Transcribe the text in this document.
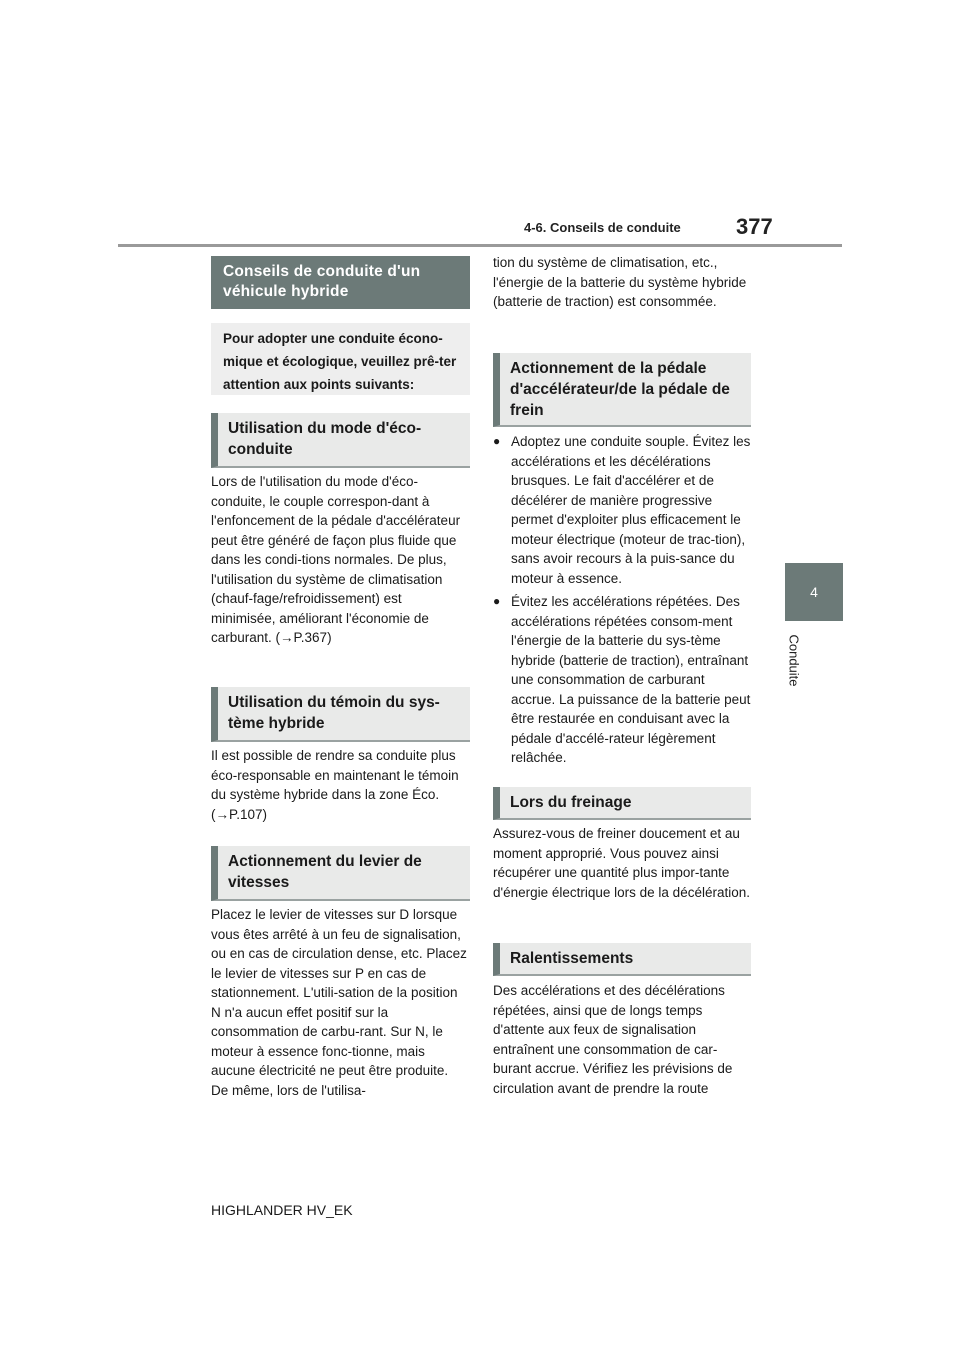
4-6. Conseils de conduite	377
4
Conduite
Conseils de conduite d'un véhicule hybride
Pour adopter une conduite écono-mique et écologique, veuillez prê-ter attention aux points suivants:
Utilisation du mode d'éco-conduite
Lors de l'utilisation du mode d'éco-conduite, le couple correspon-dant à l'enfoncement de la pédale d'accélérateur peut être généré de façon plus fluide que dans les condi-tions normales. De plus, l'utilisation du système de climatisation (chauf-fage/refroidissement) est minimisée, améliorant l'économie de carburant. (→P.367)
Utilisation du témoin du sys-tème hybride
Il est possible de rendre sa conduite plus éco-responsable en maintenant le témoin du système hybride dans la zone Éco. (→P.107)
Actionnement du levier de vitesses
Placez le levier de vitesses sur D lorsque vous êtes arrêté à un feu de signalisation, ou en cas de circulation dense, etc. Placez le levier de vitesses sur P en cas de stationnement. L'utili-sation de la position N n'a aucun effet positif sur la consommation de carbu-rant. Sur N, le moteur à essence fonc-tionne, mais aucune électricité ne peut être produite. De même, lors de l'utilisa-
tion du système de climatisation, etc., l'énergie de la batterie du système hybride (batterie de traction) est consommée.
Actionnement de la pédale d'accélérateur/de la pédale de frein
● Adoptez une conduite souple. Évitez les accélérations et les décélérations brusques. Le fait d'accélérer et de décélérer de manière progressive permet d'exploiter plus efficacement le moteur électrique (moteur de trac-tion), sans avoir recours à la puis-sance du moteur à essence.
● Évitez les accélérations répétées. Des accélérations répétées consom-ment l'énergie de la batterie du sys-tème hybride (batterie de traction), entraînant une consommation de carburant accrue. La puissance de la batterie peut être restaurée en conduisant avec la pédale d'accélé-rateur légèrement relâchée.
Lors du freinage
Assurez-vous de freiner doucement et au moment approprié. Vous pouvez ainsi récupérer une quantité plus impor-tante d'énergie électrique lors de la décélération.
Ralentissements
Des accélérations et des décélérations répétées, ainsi que de longs temps d'attente aux feux de signalisation entraînent une consommation de car-burant accrue. Vérifiez les prévisions de circulation avant de prendre la route
HIGHLANDER HV_EK
